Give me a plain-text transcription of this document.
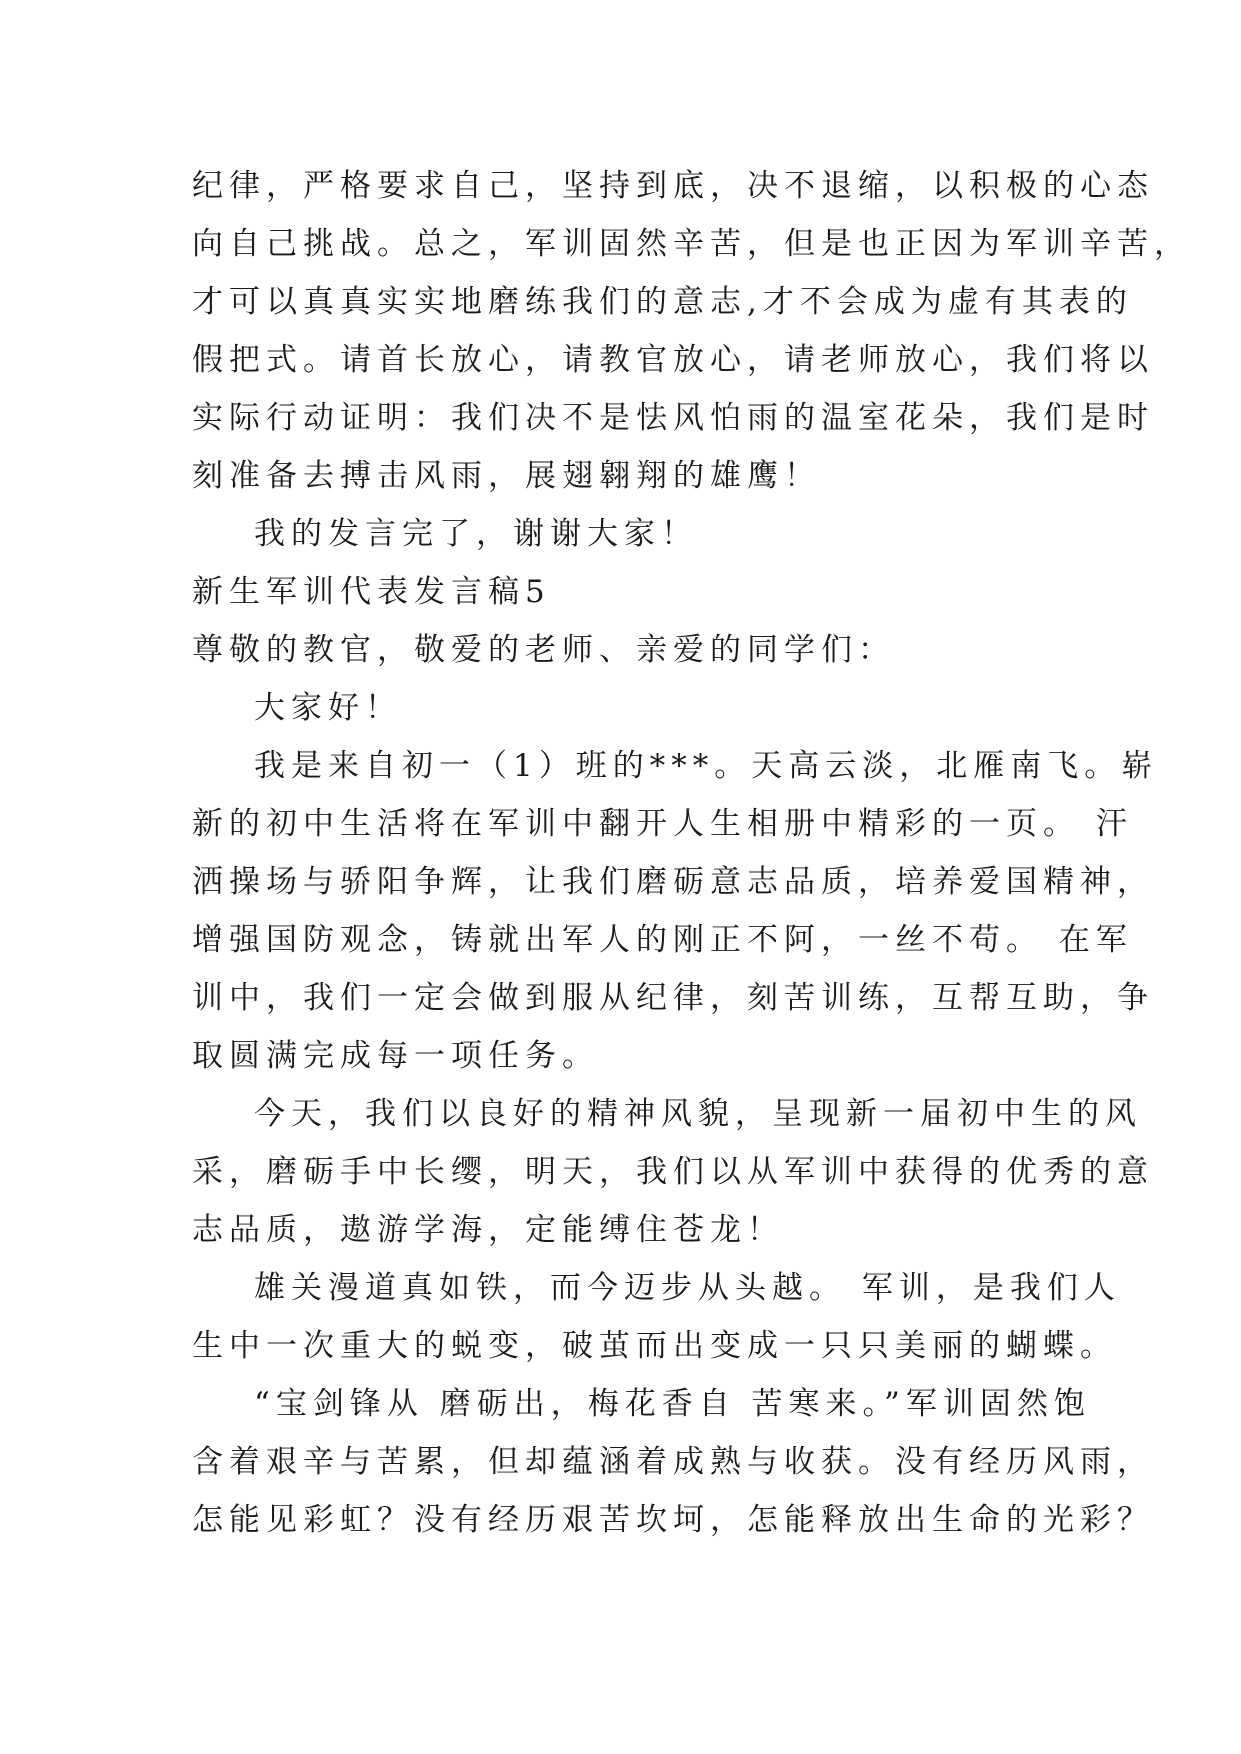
纪律，严格要求自己，坚持到底，决不退缩，以积极的心态
向自己挑战。总之，军训固然辛苦，但是也正因为军训辛苦，
才可以真真实实地磨练我们的意志,才不会成为虚有其表的
假把式。请首长放心，请教官放心，请老师放心，我们将以
实际行动证明：我们决不是怯风怕雨的温室花朵，我们是时
刻准备去搏击风雨，展翅翱翔的雄鹰！
我的发言完了，谢谢大家！
新生军训代表发言稿5
尊敬的教官，敬爱的老师、亲爱的同学们：
大家好！
我是来自初一（1）班的***。天高云淡，北雁南飞。崭
新的初中生活将在军训中翻开人生相册中精彩的一页。 汗
洒操场与骄阳争辉，让我们磨砺意志品质，培养爱国精神，
增强国防观念，铸就出军人的刚正不阿，一丝不苟。 在军
训中，我们一定会做到服从纪律，刻苦训练，互帮互助，争
取圆满完成每一项任务。
今天，我们以良好的精神风貌，呈现新一届初中生的风
采，磨砺手中长缨，明天，我们以从军训中获得的优秀的意
志品质，遨游学海，定能缚住苍龙！
雄关漫道真如铁，而今迈步从头越。 军训，是我们人
生中一次重大的蜕变，破茧而出变成一只只美丽的蝴蝶。
“宝剑锋从 磨砺出，梅花香自 苦寒来。”军训固然饱
含着艰辛与苦累，但却蕴涵着成熟与收获。没有经历风雨，
怎能见彩虹？没有经历艰苦坎坷，怎能释放出生命的光彩？
